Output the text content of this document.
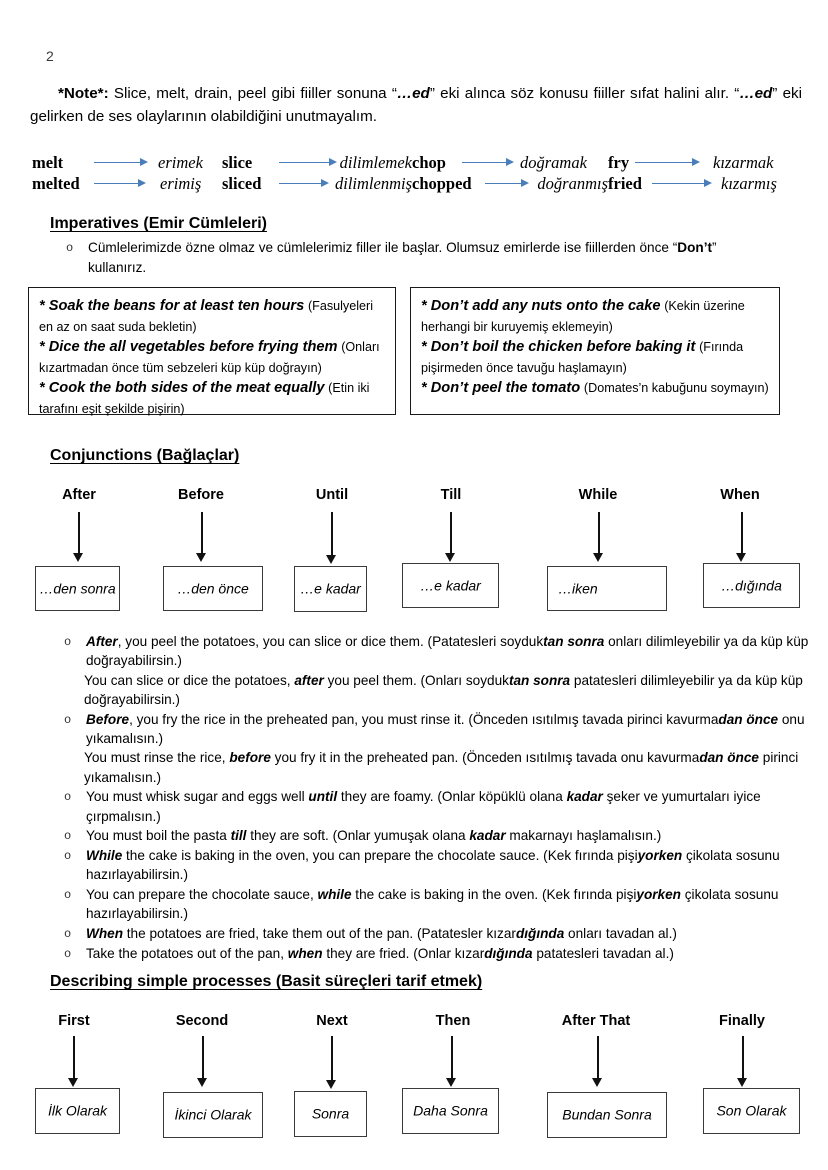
2
*Note*: Slice, melt, drain, peel gibi fiiller sonuna “…ed” eki alınca söz konusu fiiller sıfat halini alır. “…ed” eki gelirken de ses olaylarının olabildiğini unutmayalım.
melt	erimek slice	dilimlemek chop	doğramak fry	kızarmak
melted	erimiş sliced	dilimlenmiş chopped	doğranmış fried	kızarmış
Imperatives (Emir Cümleleri)
o	Cümlelerimizde özne olmaz ve cümlelerimiz filler ile başlar. Olumsuz emirlerde ise fiillerden önce “Don’t”
kullanırız.
* Soak the beans for at least ten hours (Fasulyeleri en az on saat suda bekletin)
* Dice the all vegetables before frying them (Onları kızartmadan önce tüm sebzeleri küp küp doğrayın)
* Cook the both sides of the meat equally (Etin iki tarafını eşit şekilde pişirin)
* Don’t add any nuts onto the cake (Kekin üzerine herhangi bir kuruyemiş eklemeyin)
* Don’t boil the chicken before baking it (Fırında pişirmeden önce tavuğu haşlamayın)
* Don’t peel the tomato (Domates’n kabuğunu soymayın)
Conjunctions (Bağlaçlar)
After
…den sonra
Before
…den önce
Until
…e kadar
Till
…e kadar
While
…iken
When
…dığında
o	After, you peel the potatoes, you can slice or dice them. (Patatesleri soyduktan sonra onları dilimleyebilir ya da küp küp doğrayabilirsin.)
You can slice or dice the potatoes, after you peel them. (Onları soyduktan sonra patatesleri dilimleyebilir ya da küp küp doğrayabilirsin.)
o	Before, you fry the rice in the preheated pan, you must rinse it. (Önceden ısıtılmış tavada pirinci kavurmadan önce onu yıkamalısın.)
You must rinse the rice, before you fry it in the preheated pan. (Önceden ısıtılmış tavada onu kavurmadan önce pirinci yıkamalısın.)
o	You must whisk sugar and eggs well until they are foamy. (Onlar köpüklü olana kadar şeker ve yumurtaları iyice çırpmalısın.)
o	You must boil the pasta till they are soft. (Onlar yumuşak olana kadar makarnayı haşlamalısın.)
o	While the cake is baking in the oven, you can prepare the chocolate sauce. (Kek fırında pişiyorken çikolata sosunu hazırlayabilirsin.)
o	You can prepare the chocolate sauce, while the cake is baking in the oven. (Kek fırında pişiyorken çikolata sosunu hazırlayabilirsin.)
o	When the potatoes are fried, take them out of the pan. (Patatesler kızardığında onları tavadan al.)
o	Take the potatoes out of the pan, when they are fried. (Onlar kızardığında patatesleri tavadan al.)
Describing simple processes (Basit süreçleri tarif etmek)
First
İlk Olarak
Second
İkinci Olarak
Next
Sonra
Then
Daha Sonra
After That
Bundan Sonra
Finally
Son Olarak
